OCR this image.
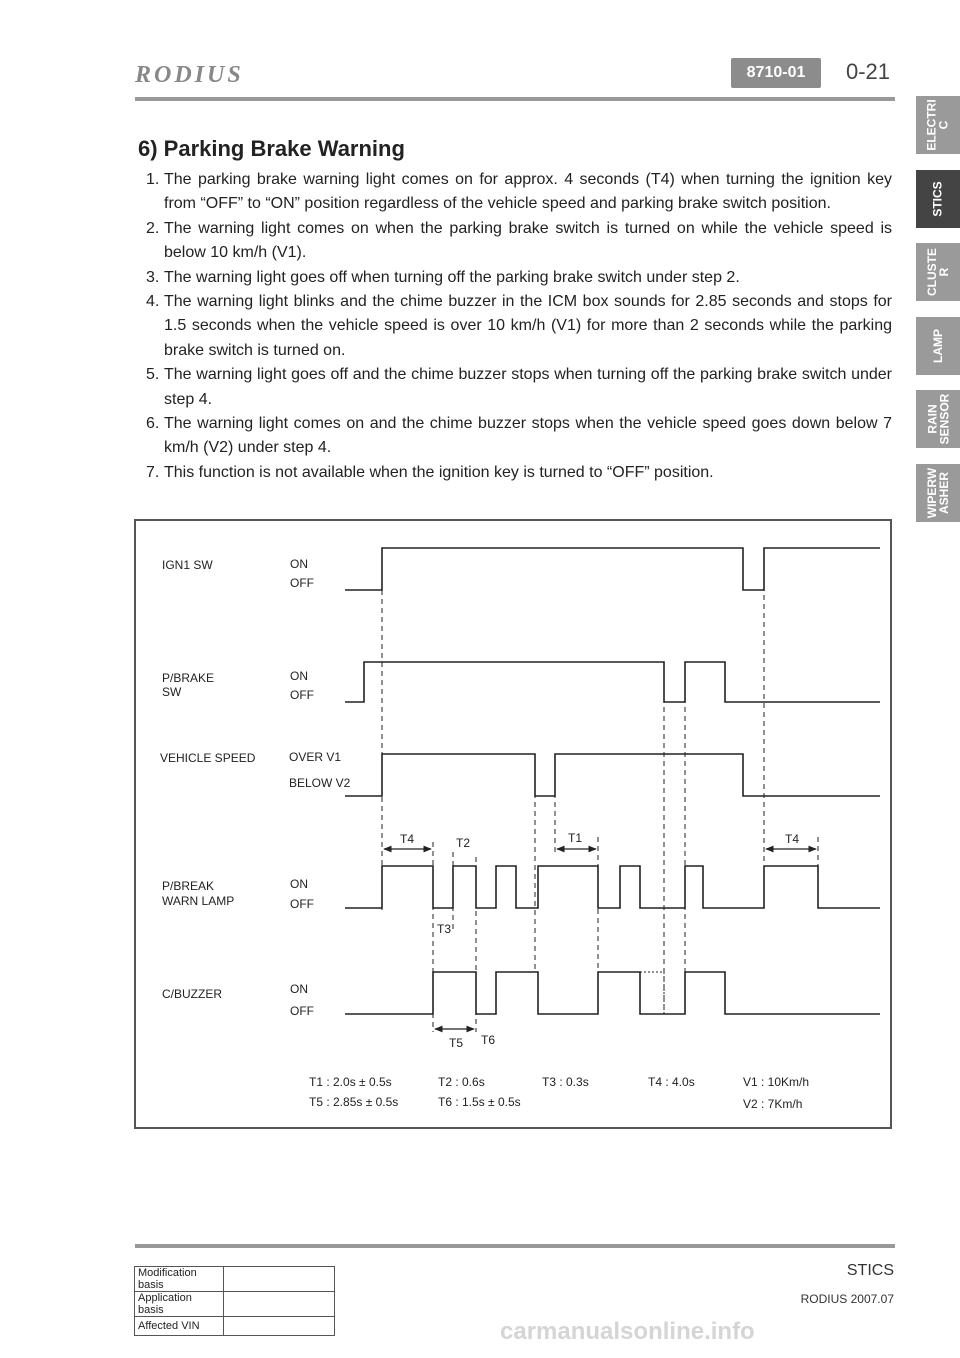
RODIUS	8710-01	0-21
ELECTRI
C
STICS
CLUSTE
R
LAMP
RAIN
SENSOR
WIPERW
ASHER
6) Parking Brake Warning
1. The parking brake warning light comes on for approx. 4 seconds (T4) when turning the ignition key from “OFF” to “ON” position regardless of the vehicle speed and parking brake switch position.
2. The warning light comes on when the parking brake switch is turned on while the vehicle speed is below 10 km/h (V1).
3. The warning light goes off when turning off the parking brake switch under step 2.
4. The warning light blinks and the chime buzzer in the ICM box sounds for 2.85 seconds and stops for 1.5 seconds when the vehicle speed is over 10 km/h (V1) for more than 2 seconds while the parking brake switch is turned on.
5. The warning light goes off and the chime buzzer stops when turning off the parking brake switch under step 4.
6. The warning light comes on and the chime buzzer stops when the vehicle speed goes down below 7 km/h (V2) under step 4.
7. This function is not available when the ignition key is turned to “OFF” position.
IGN1 SW	ON
OFF
P/BRAKE
SW
ON
OFF
VEHICLE SPEED	OVER V1
BELOW V2
P/BREAK
WARN LAMP
ON
OFF
C/BUZZER	ON
OFF
T4	T2	T1	T4
T3
T5 T6
T1 : 2.0s ± 0.5s	T2 : 0.6s	T3 : 0.3s	T4 : 4.0s	V1 : 10Km/h
T5 : 2.85s ± 0.5s	T6 : 1.5s ± 0.5s	V2 : 7Km/h
STICS
RODIUS 2007.07
Modification basis	
Application basis	
Affected VIN		carmanualsonline.info
